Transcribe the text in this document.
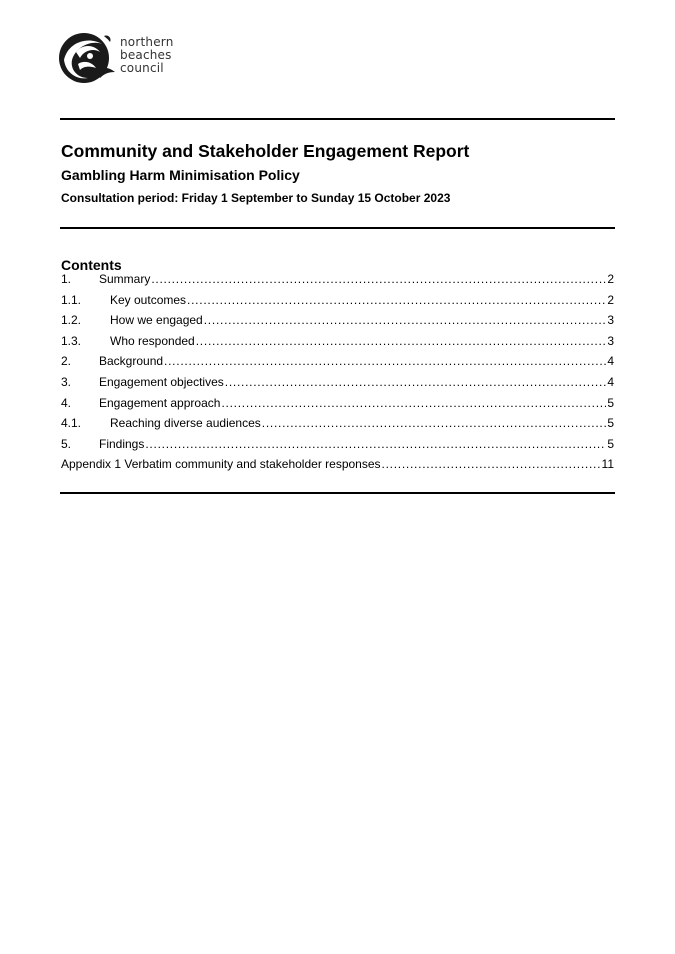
northern
beaches
council
Community and Stakeholder Engagement Report
Gambling Harm Minimisation Policy
Consultation period: Friday 1 September to Sunday 15 October 2023
Contents
1.	Summary . . .	2
1.1.	Key outcomes . . .	2
1.2.	How we engaged . . .	3
1.3.	Who responded . . .	3
2.	Background . . .	4
3.	Engagement objectives . . .	4
4.	Engagement approach . . .	5
4.1.	Reaching diverse audiences . . .	5
5.	Findings . . .	5
Appendix 1 Verbatim community and stakeholder responses . . .	11
